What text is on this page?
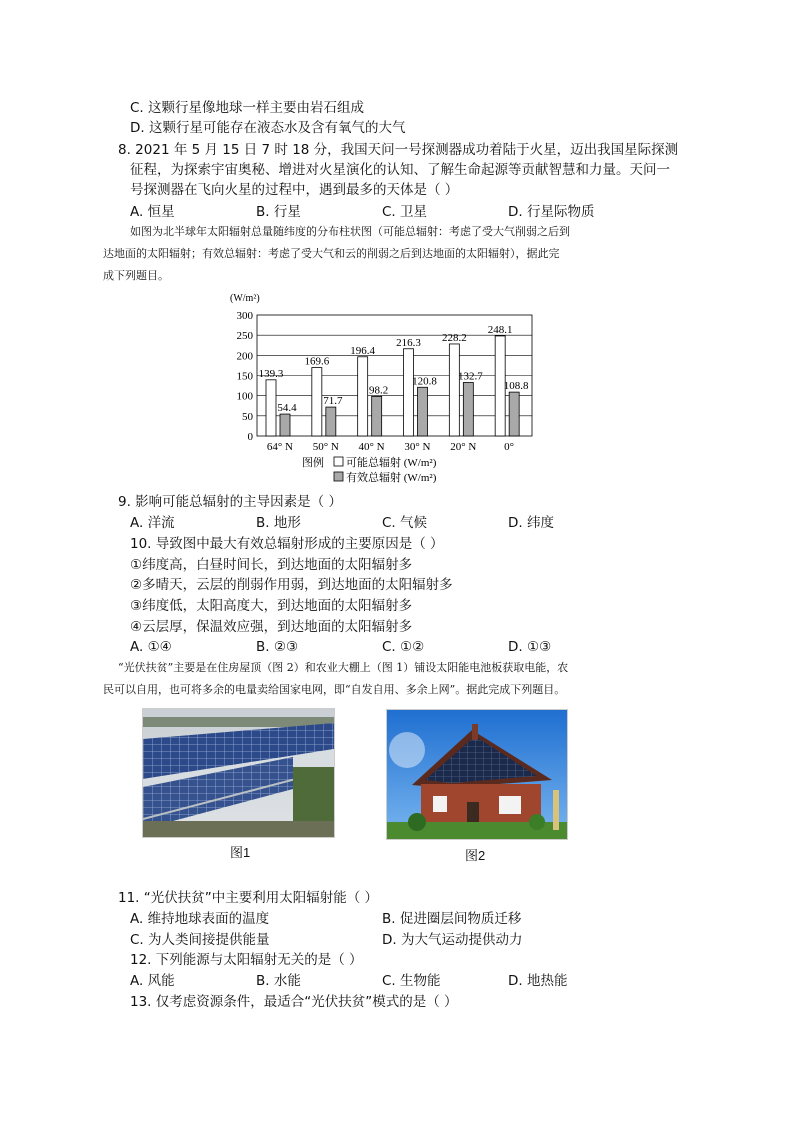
C. 这颗行星像地球一样主要由岩石组成
D. 这颗行星可能存在液态水及含有氧气的大气
8. 2021 年 5 月 15 日 7 时 18 分，我国天问一号探测器成功着陆于火星，迈出我国星际探测
征程，为探索宇宙奥秘、增进对火星演化的认知、了解生命起源等贡献智慧和力量。天问一
号探测器在飞向火星的过程中，遇到最多的天体是（ ）
A. 恒星	B. 行星	C. 卫星	D. 行星际物质
如图为北半球年太阳辐射总量随纬度的分布柱状图（可能总辐射：考虑了受大气削弱之后到
达地面的太阳辐射；有效总辐射：考虑了受大气和云的削弱之后到达地面的太阳辐射），据此完
成下列题目。
0
50
100
150
200
250
300
(W/m²)
64° N
139.3
54.4
50° N
169.6
71.7
40° N
196.4
98.2
30° N
216.3
120.8
20° N
228.2
132.7
0°
248.1
108.8
图例 可能总辐射 (W/m²)
有效总辐射 (W/m²)
9. 影响可能总辐射的主导因素是（ ）
A. 洋流	B. 地形	C. 气候	D. 纬度
10. 导致图中最大有效总辐射形成的主要原因是（ ）
①纬度高，白昼时间长，到达地面的太阳辐射多
②多晴天，云层的削弱作用弱，到达地面的太阳辐射多
③纬度低，太阳高度大，到达地面的太阳辐射多
④云层厚，保温效应强，到达地面的太阳辐射多
A. ①④	B. ②③	C. ①②	D. ①③
“光伏扶贫”主要是在住房屋顶（图 2）和农业大棚上（图 1）铺设太阳能电池板获取电能，农
民可以自用，也可将多余的电量卖给国家电网，即“自发自用、多余上网”。据此完成下列题目。
图1	图2
11. “光伏扶贫”中主要利用太阳辐射能（ ）
A. 维持地球表面的温度	B. 促进圈层间物质迁移
C. 为人类间接提供能量	D. 为大气运动提供动力
12. 下列能源与太阳辐射无关的是（ ）
A. 风能	B. 水能	C. 生物能	D. 地热能
13. 仅考虑资源条件，最适合“光伏扶贫”模式的是（ ）
